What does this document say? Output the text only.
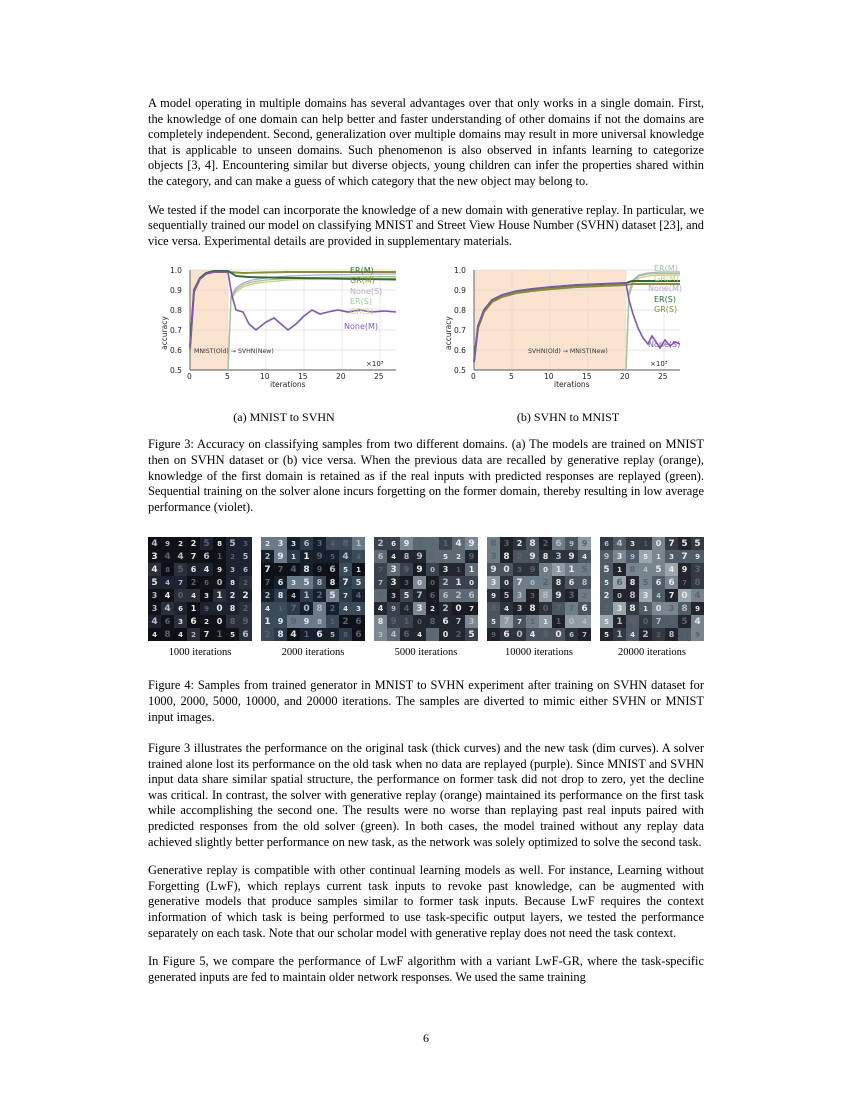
A model operating in multiple domains has several advantages over that only works in a single domain. First, the knowledge of one domain can help better and faster understanding of other domains if not the domains are completely independent. Second, generalization over multiple domains may result in more universal knowledge that is applicable to unseen domains. Such phenomenon is also observed in infants learning to categorize objects [3, 4]. Encountering similar but diverse objects, young children can infer the properties shared within the category, and can make a guess of which category that the new object may belong to.

We tested if the model can incorporate the knowledge of a new domain with generative replay. In particular, we sequentially trained our model on classifying MNIST and Street View House Number (SVHN) dataset [23], and vice versa. Experimental details are provided in supplementary materials.

0.5
0.6
0.7
0.8
0.9
1.0
0	5	10	15	20	25
accuracy
iterations
×10³
MNIST(Old) → SVHN(New)
ER(M)
GR(M)
None(S)
ER(S)
GR(S)
None(M)
(a) MNIST to SVHN
0.5
0.6
0.7
0.8
0.9
1.0
0	5	10	15	20	25
accuracy
iterations
×10³
SVHN(Old) → MNIST(New)
ER(M)
GR(M)
None(M)
ER(S)
GR(S)
None(S)
(b) SVHN to MNIST

Figure 3: Accuracy on classifying samples from two different domains. (a) The models are trained on MNIST then on SVHN dataset or (b) vice versa. When the previous data are recalled by generative replay (orange), knowledge of the first domain is retained as if the real inputs with predicted responses are replayed (green). Sequential training on the solver alone incurs forgetting on the former domain, thereby resulting in low average performance (violet).

4	9	2 2 5	8 5	3
3 4 4 7 6 1	2 5
4	8 5 6 4	9	3	6
5	4	7 2	6 0	8	2
3 4 0	4	3 1 2 2
3 4	6 1	9 0 8 2
4 6	3 6	2 0 8 9
4 8	4	2 7 1	5 6
1000 iterations
2 3	3 6 3	4 8 1
2 9	1 1 9	5 4	4
7 7 4 8 9 6	5	1
7 6	3 5 8 8 7 5
2 8	4 1 2 5	7 4
4	1 7 0 8 2	4	3
1 9 9 9	8	1 2 6
2 8 4 1 6	5	8 6
2000 iterations
2	6 9 3 7 1 4 9
6	4 8 9 3	5	2 9
7 3 9 9	0 3	1 1
7 3	3	0	0 2 1	0
9	3 5 7 6 6 2 6
4	9 4 3	2 2 0	7
8 9 1	0 8 6 7 3
3 4 6	4 2 0 2 5
5000 iterations
8 3 2 8 2 6	9 9
3 8 2 9 8 3 9	4
9 0	3 9	0 1 1 5
3	0 7	0 2 8 6 8
9 5 3	3 8 9 3	2
4	4 3 8 0 7 7 6
5 7	7	1	1 1 0	4
9 6 0 4 8 0	6	7
10000 iterations
6 4	3	1 0 7 5 5
9 3	9	5	1	3 7	9
5	1 8	4 5 4 9 3
5 6 8 5 6 6	7 8
2	0 8 3	4 7 0 4
3 3 8	1 0 3 8	9
5 1 6 0 7	4 5 4
5 1	4 2	2 8 1	9
20000 iterations

Figure 4: Samples from trained generator in MNIST to SVHN experiment after training on SVHN dataset for 1000, 2000, 5000, 10000, and 20000 iterations. The samples are diverted to mimic either SVHN or MNIST input images.

Figure 3 illustrates the performance on the original task (thick curves) and the new task (dim curves). A solver trained alone lost its performance on the old task when no data are replayed (purple). Since MNIST and SVHN input data share similar spatial structure, the performance on former task did not drop to zero, yet the decline was critical. In contrast, the solver with generative replay (orange) maintained its performance on the first task while accomplishing the second one. The results were no worse than replaying past real inputs paired with predicted responses from the old solver (green). In both cases, the model trained without any replay data achieved slightly better performance on new task, as the network was solely optimized to solve the second task.

Generative replay is compatible with other continual learning models as well. For instance, Learning without Forgetting (LwF), which replays current task inputs to revoke past knowledge, can be augmented with generative models that produce samples similar to former task inputs. Because LwF requires the context information of which task is being performed to use task-specific output layers, we tested the performance separately on each task. Note that our scholar model with generative replay does not need the task context.

In Figure 5, we compare the performance of LwF algorithm with a variant LwF-GR, where the task-specific generated inputs are fed to maintain older network responses. We used the same training

6
